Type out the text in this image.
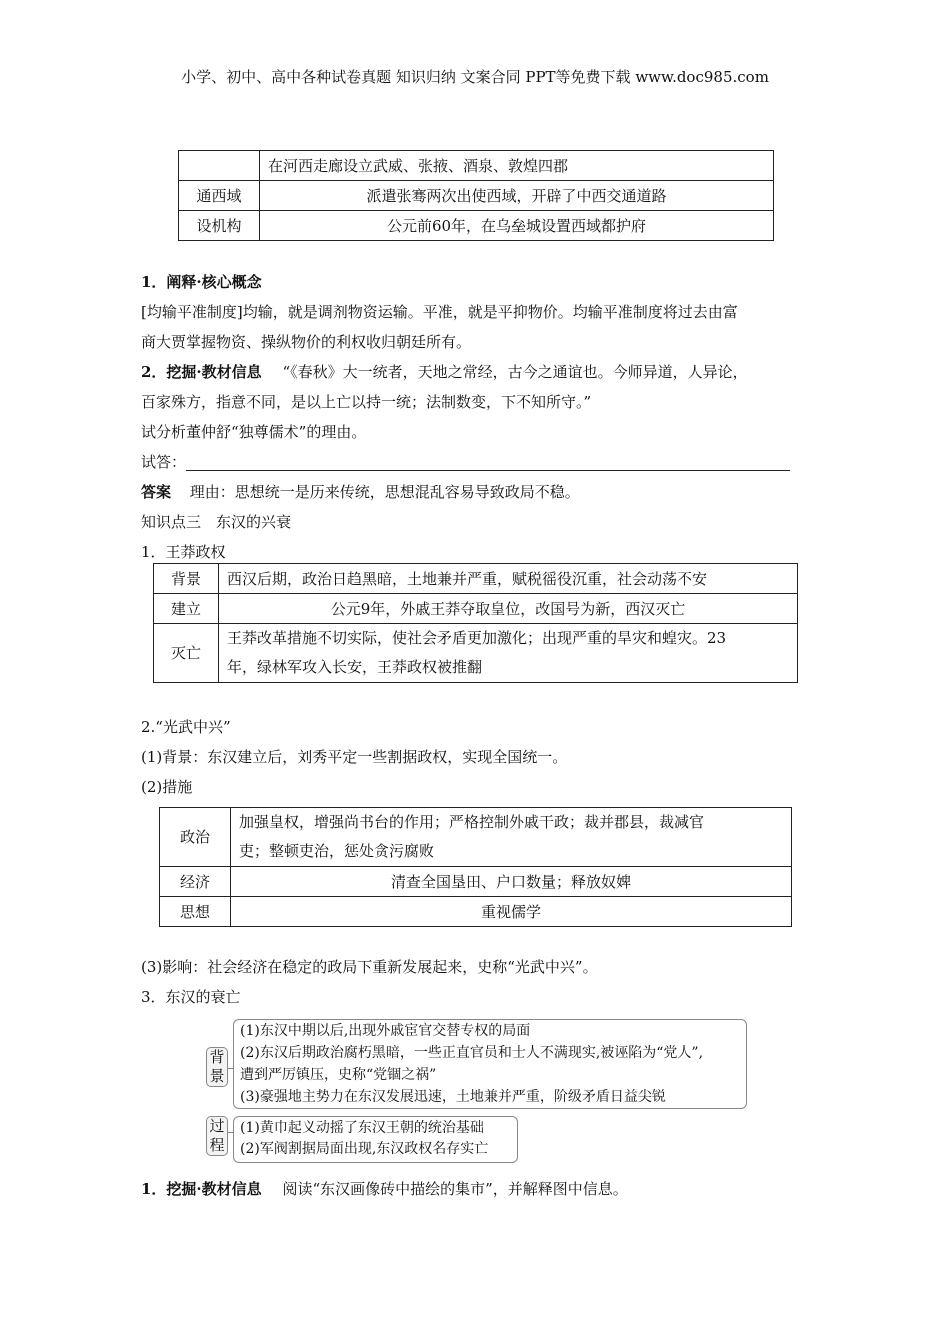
小学、初中、高中各种试卷真题 知识归纳 文案合同 PPT等免费下载 www.doc985.com
	在河西走廊设立武威、张掖、酒泉、敦煌四郡
通西域	派遣张骞两次出使西域，开辟了中西交通道路
设机构	公元前60年，在乌垒城设置西域都护府
1．阐释·核心概念
[均输平准制度]均输，就是调剂物资运输。平准，就是平抑物价。均输平准制度将过去由富
商大贾掌握物资、操纵物价的利权收归朝廷所有。
2．挖掘·教材信息 “《春秋》大一统者，天地之常经，古今之通谊也。今师异道，人异论，
百家殊方，指意不同，是以上亡以持一统；法制数变，下不知所守。”
试分析董仲舒“独尊儒术”的理由。
试答：
答案 理由：思想统一是历来传统，思想混乱容易导致政局不稳。
知识点三　东汉的兴衰
1．王莽政权
背景	西汉后期，政治日趋黑暗，土地兼并严重，赋税徭役沉重，社会动荡不安
建立	公元9年，外戚王莽夺取皇位，改国号为新，西汉灭亡
灭亡	王莽改革措施不切实际，使社会矛盾更加激化；出现严重的旱灾和蝗灾。23
年，绿林军攻入长安，王莽政权被推翻
2.“光武中兴”
(1)背景：东汉建立后，刘秀平定一些割据政权，实现全国统一。
(2)措施
政治	加强皇权，增强尚书台的作用；严格控制外戚干政；裁并郡县，裁减官
吏；整顿吏治，惩处贪污腐败

经济	清查全国垦田、户口数量；释放奴婢
思想	重视儒学
(3)影响：社会经济在稳定的政局下重新发展起来，史称“光武中兴”。
3．东汉的衰亡
背
景
(1)东汉中期以后,出现外戚宦官交替专权的局面
(2)东汉后期政治腐朽黑暗，一些正直官员和士人不满现实,被诬陷为“党人”,
遭到严厉镇压，史称“党锢之祸”
(3)豪强地主势力在东汉发展迅速，土地兼并严重，阶级矛盾日益尖锐
过
程
(1)黄巾起义动摇了东汉王朝的统治基础
(2)军阀割据局面出现,东汉政权名存实亡
1．挖掘·教材信息 阅读“东汉画像砖中描绘的集市”，并解释图中信息。
